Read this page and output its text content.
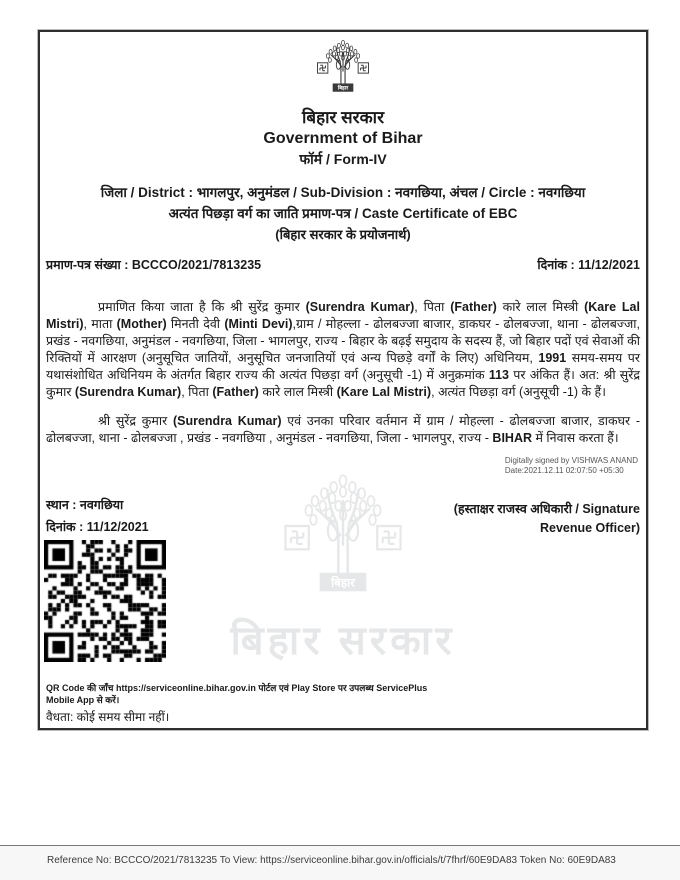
बिहार सरकार
बिहार सरकार
Government of Bihar
फॉर्म / Form-IV
जिला / District : भागलपुर, अनुमंडल / Sub-Division : नवगछिया, अंचल / Circle : नवगछिया
अत्यंत पिछड़ा वर्ग का जाति प्रमाण-पत्र / Caste Certificate of EBC
(बिहार सरकार के प्रयोजनार्थ)
प्रमाण-पत्र संख्या : BCCCO/2021/7813235	दिनांक : 11/12/2021
प्रमाणित किया जाता है कि श्री सुरेंद्र कुमार (Surendra Kumar), पिता (Father) कारे लाल मिस्त्री (Kare Lal Mistri), माता (Mother) मिनती देवी (Minti Devi),ग्राम / मोहल्ला - ढोलबज्जा बाजार, डाकघर - ढोलबज्जा, थाना - ढोलबज्जा, प्रखंड - नवगछिया, अनुमंडल - नवगछिया, जिला - भागलपुर, राज्य - बिहार के बढ़ई समुदाय के सदस्य हैं, जो बिहार पदों एवं सेवाओं की रिक्तियों में आरक्षण (अनुसूचित जातियों, अनुसूचित जनजातियों एवं अन्य पिछड़े वर्गों के लिए) अधिनियम, 1991 समय-समय पर यथासंशोधित अधिनियम के अंतर्गत बिहार राज्य की अत्यंत पिछड़ा वर्ग (अनुसूची -1) में अनुक्रमांक 113 पर अंकित हैं। अत: श्री सुरेंद्र कुमार (Surendra Kumar), पिता (Father) कारे लाल मिस्त्री (Kare Lal Mistri), अत्यंत पिछड़ा वर्ग (अनुसूची -1) के हैं।
श्री सुरेंद्र कुमार (Surendra Kumar) एवं उनका परिवार वर्तमान में ग्राम / मोहल्ला - ढोलबज्जा बाजार, डाकघर - ढोलबज्जा, थाना - ढोलबज्जा , प्रखंड - नवगछिया , अनुमंडल - नवगछिया, जिला - भागलपुर, राज्य - BIHAR में निवास करता हैं।
Digitally signed by VISHWAS ANAND
Date:2021.12.11 02:07:50 +05:30
स्थान : नवगछिया
दिनांक : 11/12/2021
(हस्ताक्षर राजस्व अधिकारी / Signature
Revenue Officer)
QR Code की जाँच https://serviceonline.bihar.gov.in पोर्टल एवं Play Store पर उपलब्ध ServicePlus
Mobile App से करें।
वैधता: कोई समय सीमा नहीं।
Reference No: BCCCO/2021/7813235 To View: https://serviceonline.bihar.gov.in/officials/t/7fhrf/60E9DA83 Token No: 60E9DA83
